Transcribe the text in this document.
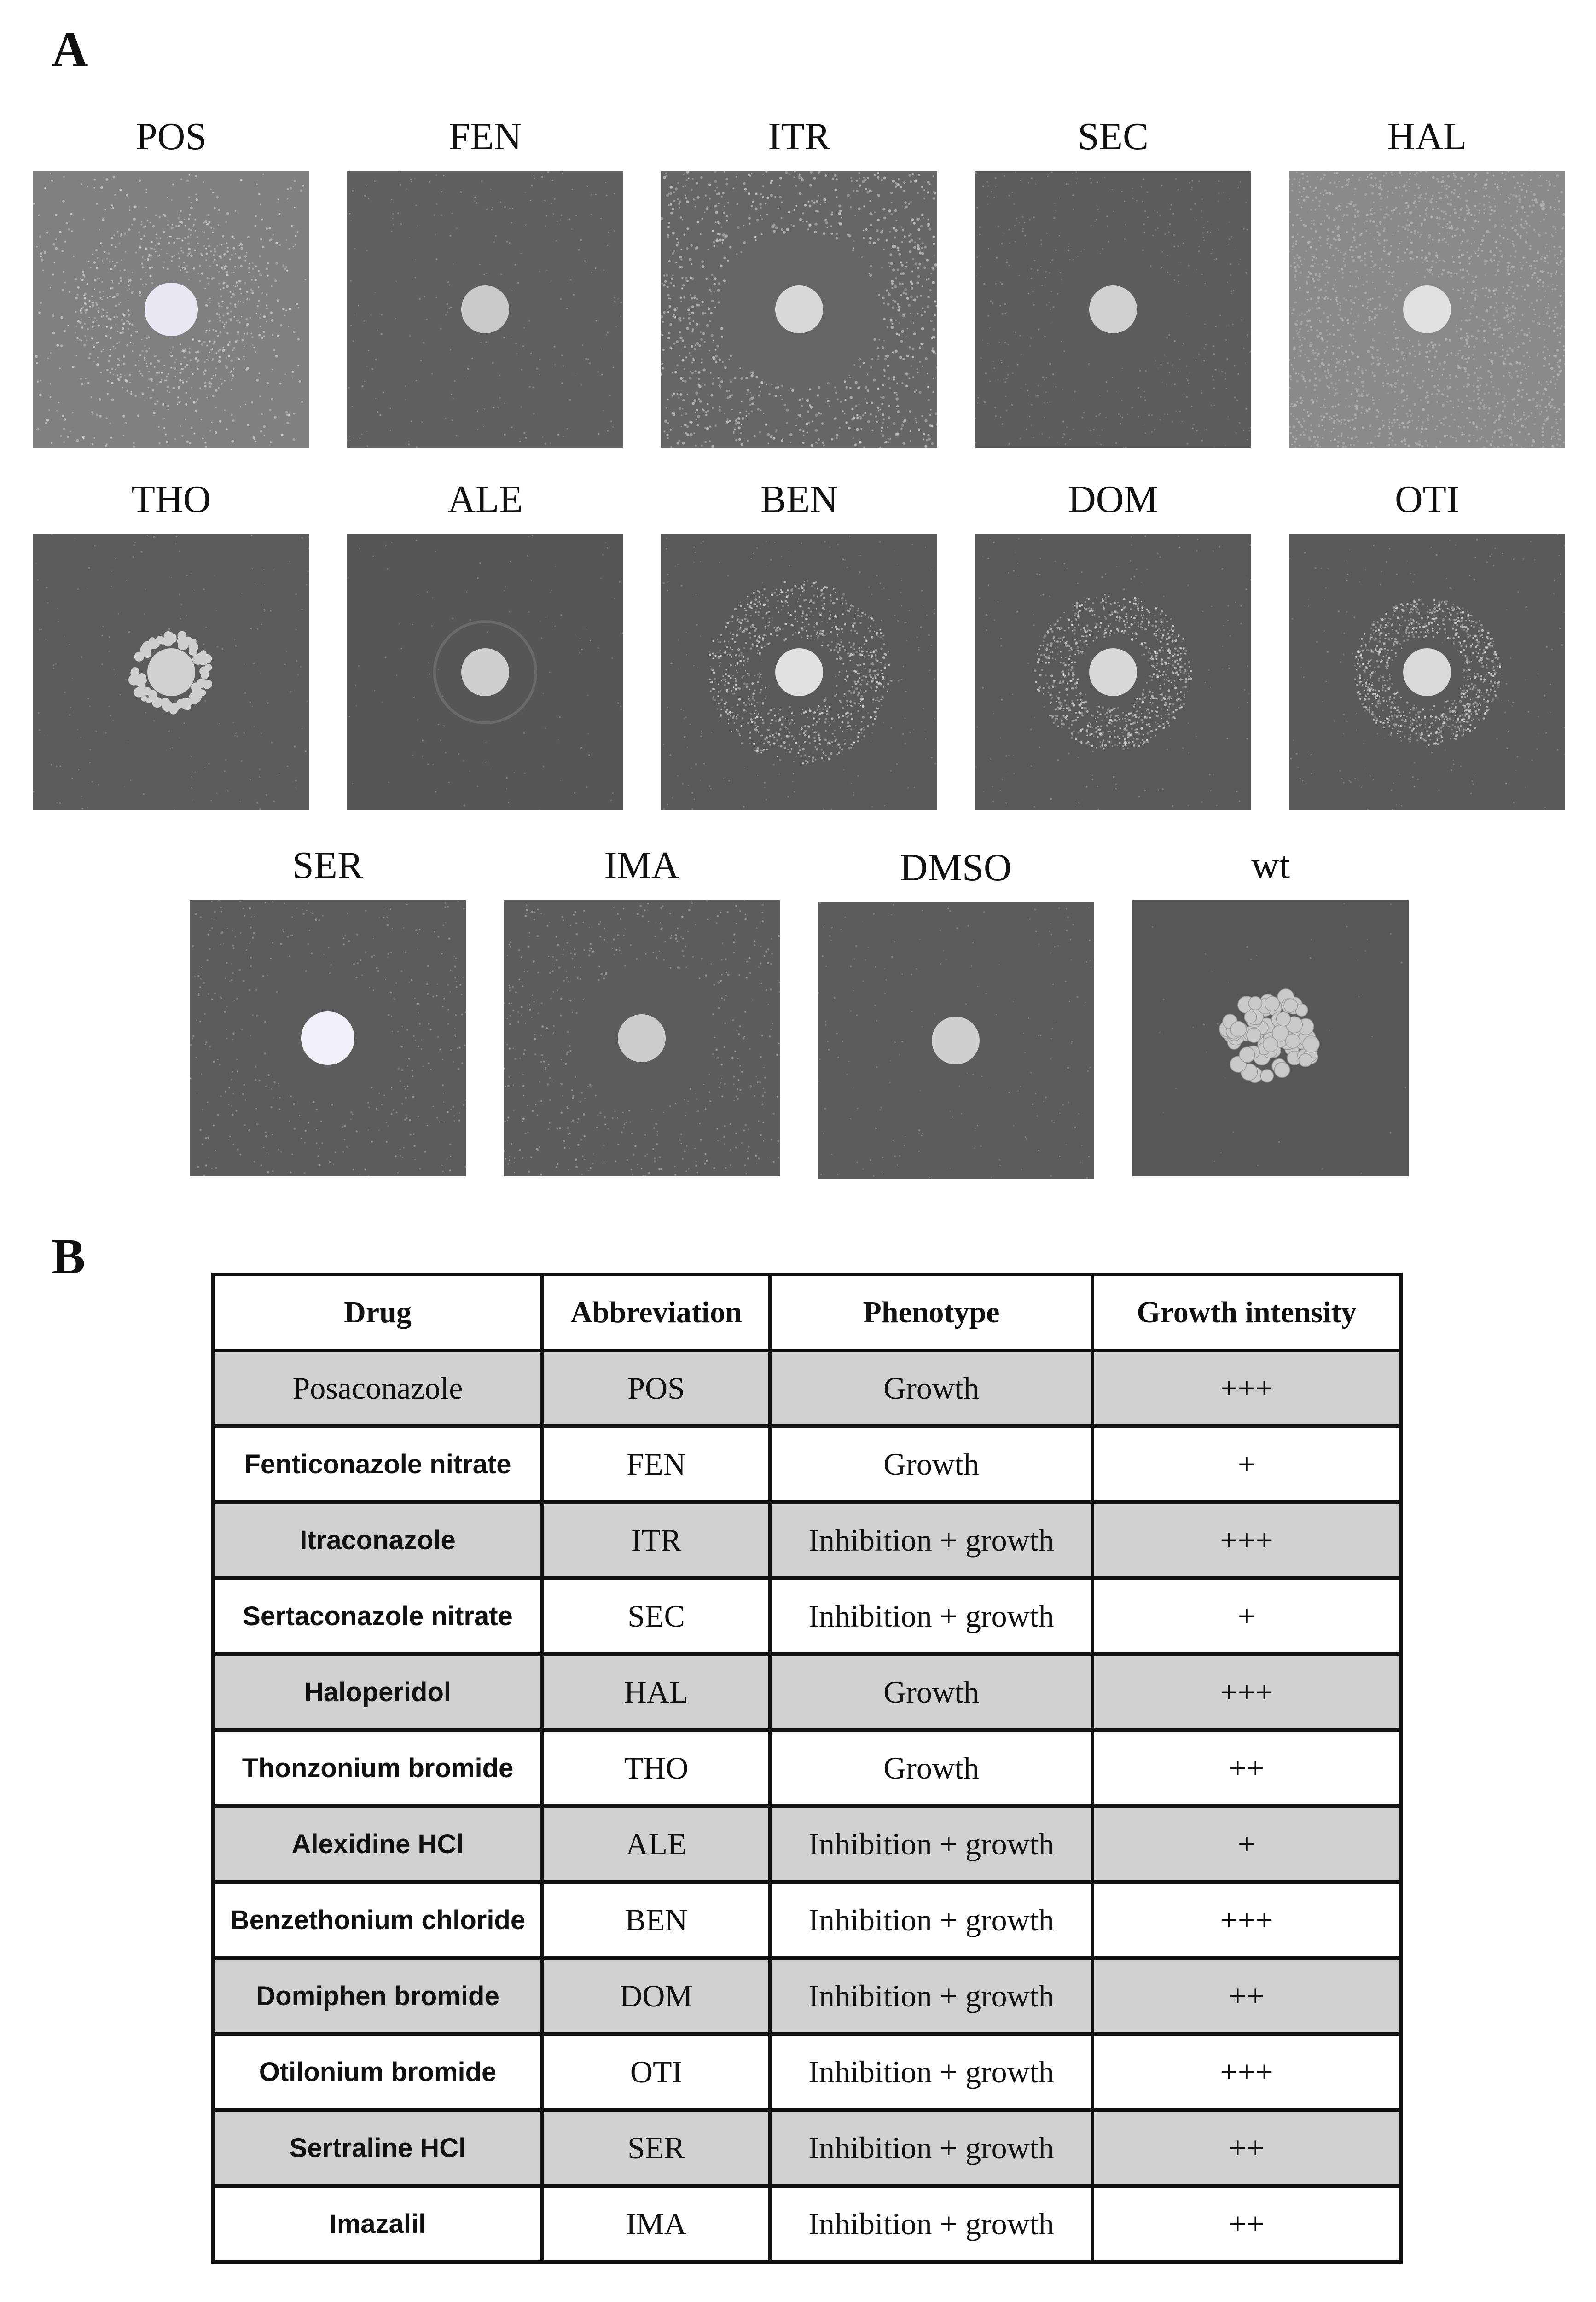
A
POS	FEN	ITR	SEC	HAL
THO	ALE	BEN	DOM	OTI
SER	IMA	DMSO	wt
B
Drug	Abbreviation	Phenotype	Growth intensity
Posaconazole	POS	Growth	+++
Fenticonazole nitrate	FEN	Growth	+
Itraconazole	ITR	Inhibition + growth	+++
Sertaconazole nitrate	SEC	Inhibition + growth	+
Haloperidol	HAL	Growth	+++
Thonzonium bromide	THO	Growth	++
Alexidine HCl	ALE	Inhibition + growth	+
Benzethonium chloride	BEN	Inhibition + growth	+++
Domiphen bromide	DOM	Inhibition + growth	++
Otilonium bromide	OTI	Inhibition + growth	+++
Sertraline HCl	SER	Inhibition + growth	++
Imazalil	IMA	Inhibition + growth	++
